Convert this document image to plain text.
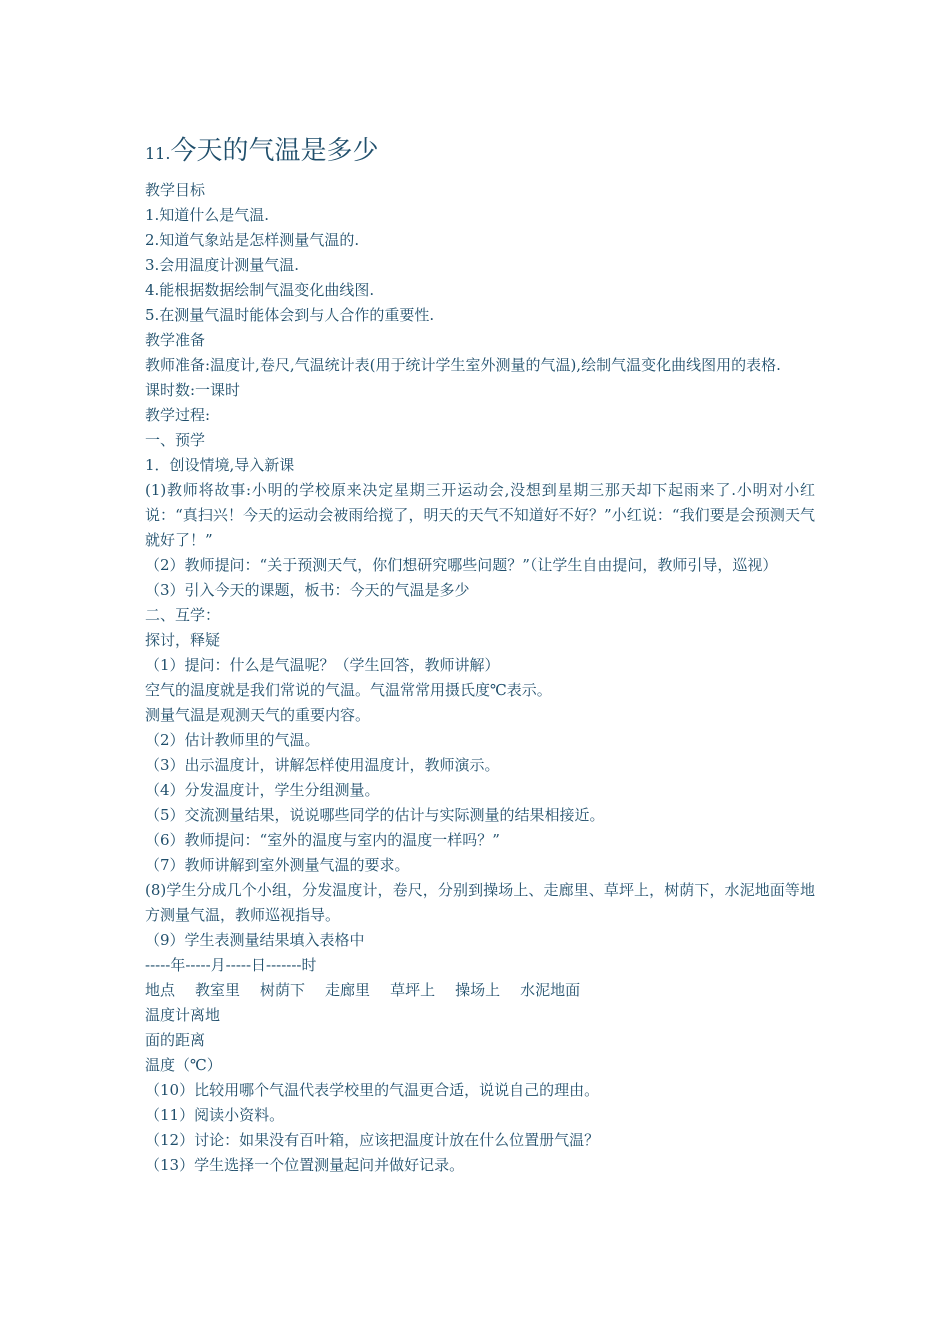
11.今天的气温是多少

教学目标

1.知道什么是气温.

2.知道气象站是怎样测量气温的.

3.会用温度计测量气温.

4.能根据数据绘制气温变化曲线图.

5.在测量气温时能体会到与人合作的重要性.

教学准备

教师准备:温度计,卷尺,气温统计表(用于统计学生室外测量的气温),绘制气温变化曲线图用的表格.

课时数:一课时

教学过程:

一、预学

1．创设情境,导入新课

(1)教师将故事:小明的学校原来决定星期三开运动会,没想到星期三那天却下起雨来了.小明对小红说：“真扫兴！今天的运动会被雨给搅了，明天的天气不知道好不好？”小红说：“我们要是会预测天气就好了！”

（2）教师提问：“关于预测天气，你们想研究哪些问题？”（让学生自由提问，教师引导，巡视）

（3）引入今天的课题，板书：今天的气温是多少

二、互学：

探讨，释疑

（1）提问：什么是气温呢？（学生回答，教师讲解）

空气的温度就是我们常说的气温。气温常常用摄氏度℃表示。

测量气温是观测天气的重要内容。

（2）估计教师里的气温。

（3）出示温度计，讲解怎样使用温度计，教师演示。

（4）分发温度计，学生分组测量。

（5）交流测量结果，说说哪些同学的估计与实际测量的结果相接近。

（6）教师提问：“室外的温度与室内的温度一样吗？”

（7）教师讲解到室外测量气温的要求。

(8)学生分成几个小组，分发温度计，卷尺，分别到操场上、走廊里、草坪上，树荫下，水泥地面等地方测量气温，教师巡视指导。

（9）学生表测量结果填入表格中

-----年-----月-----日-------时

地点 教室里 树荫下 走廊里 草坪上 操场上 水泥地面

温度计离地

面的距离

温度（℃）

（10）比较用哪个气温代表学校里的气温更合适，说说自己的理由。

（11）阅读小资料。

（12）讨论：如果没有百叶箱，应该把温度计放在什么位置册气温？

（13）学生选择一个位置测量起问并做好记录。
